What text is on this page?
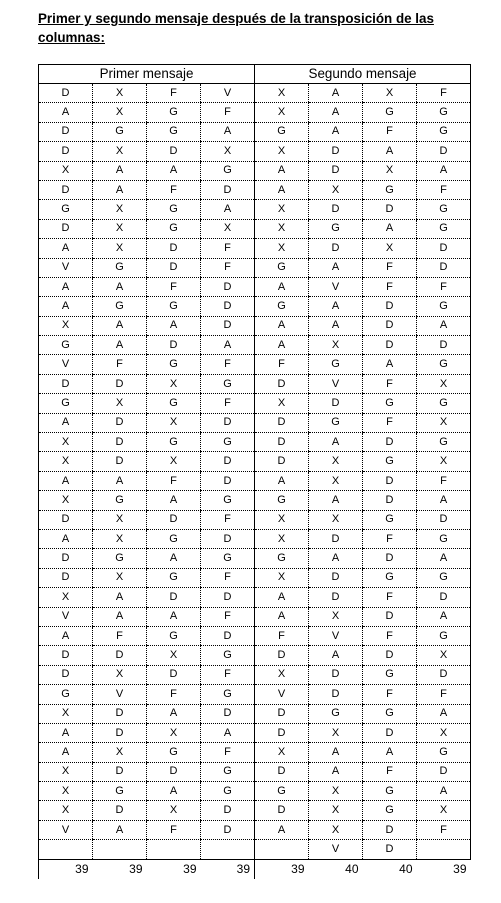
Primer y segundo mensaje después de la transposición de las columnas:
Primer mensaje				Segundo mensaje			
D	X	F	V	X	A	X	F
A	X	G	F	X	A	G	G
D	G	G	A	G	A	F	G
D	X	D	X	X	D	A	D
X	A	A	G	A	D	X	A
D	A	F	D	A	X	G	F
G	X	G	A	X	D	D	G
D	X	G	X	X	G	A	G
A	X	D	F	X	D	X	D
V	G	D	F	G	A	F	D
A	A	F	D	A	V	F	F
A	G	G	D	G	A	D	G
X	A	A	D	A	A	D	A
G	A	D	A	A	X	D	D
V	F	G	F	F	G	A	G
D	D	X	G	D	V	F	X
G	X	G	F	X	D	G	G
A	D	X	D	D	G	F	X
X	D	G	G	D	A	D	G
X	D	X	D	D	X	G	X
A	A	F	D	A	X	D	F
X	G	A	G	G	A	D	A
D	X	D	F	X	X	G	D
A	X	G	D	X	D	F	G
D	G	A	G	G	A	D	A
D	X	G	F	X	D	G	G
X	A	D	D	A	D	F	D
V	A	A	F	A	X	D	A
A	F	G	D	F	V	F	G
D	D	X	G	D	A	D	X
D	X	D	F	X	D	G	D
G	V	F	G	V	D	F	F
X	D	A	D	D	G	G	A
A	D	X	A	D	X	D	X
A	X	G	F	X	A	A	G
X	D	D	G	D	A	F	D
X	G	A	G	G	X	G	A
X	D	X	D	D	X	G	X
V	A	F	D	A	X	D	F
					V	D	
39	39	39	39	39	40	40	39
